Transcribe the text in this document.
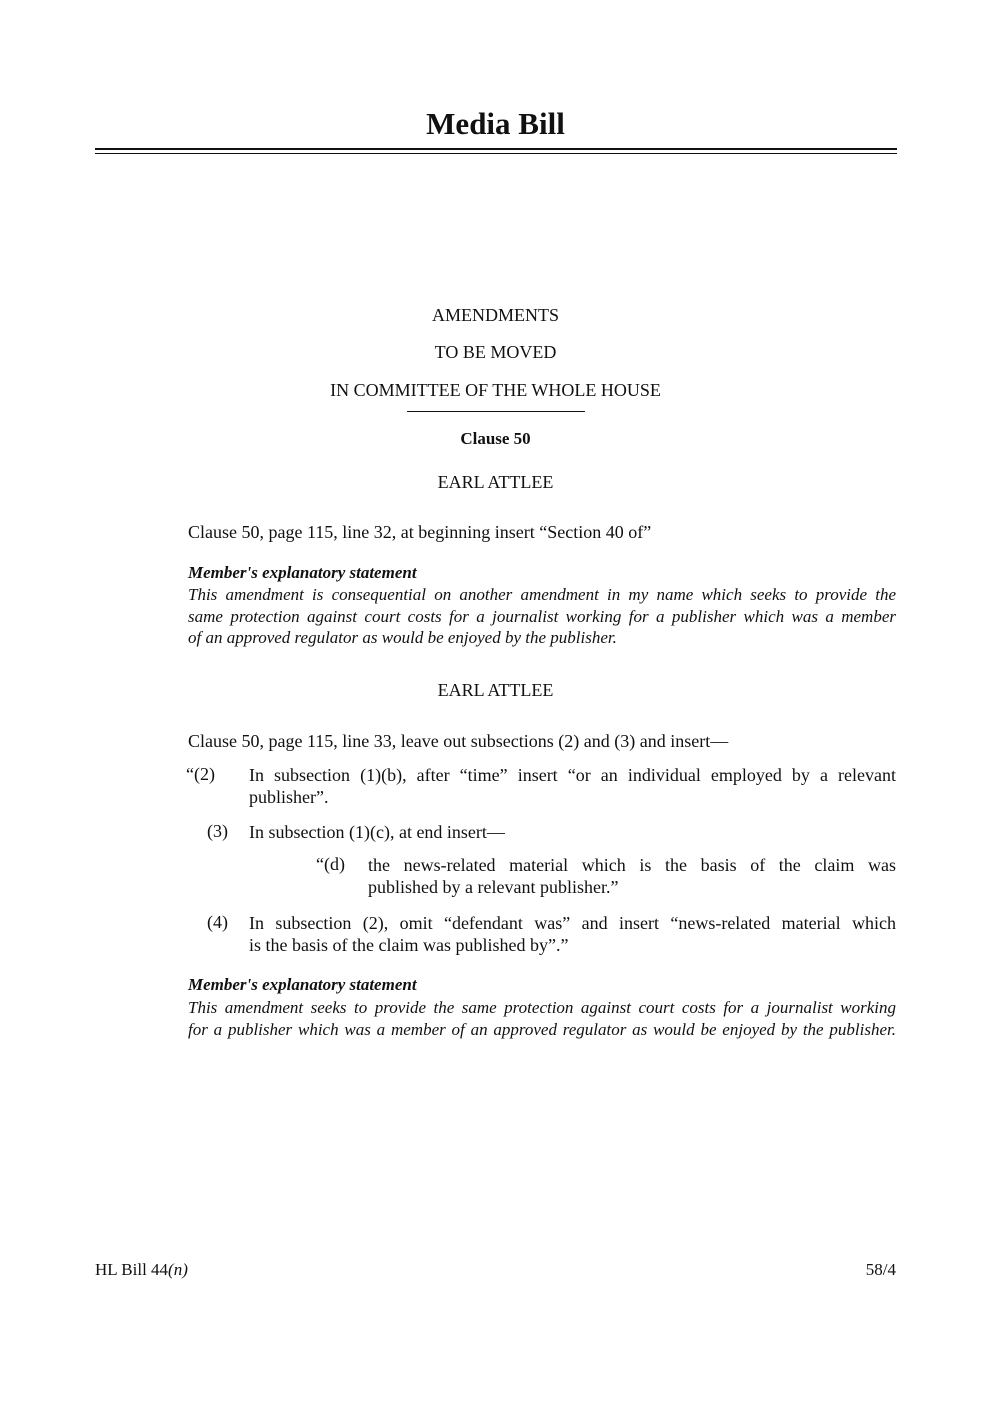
Media Bill
AMENDMENTS
TO BE MOVED
IN COMMITTEE OF THE WHOLE HOUSE
Clause 50
EARL ATTLEE
Clause 50, page 115, line 32, at beginning insert “Section 40 of”
Member's explanatory statement
This amendment is consequential on another amendment in my name which seeks to provide the
same protection against court costs for a journalist working for a publisher which was a member
of an approved regulator as would be enjoyed by the publisher.
EARL ATTLEE
Clause 50, page 115, line 33, leave out subsections (2) and (3) and insert—
“(2) In subsection (1)(b), after “time” insert “or an individual employed by a relevant
publisher”.
(3) In subsection (1)(c), at end insert—
“(d) the news-related material which is the basis of the claim was
published by a relevant publisher.”
(4) In subsection (2), omit “defendant was” and insert “news-related material which
is the basis of the claim was published by”.”
Member's explanatory statement
This amendment seeks to provide the same protection against court costs for a journalist working
for a publisher which was a member of an approved regulator as would be enjoyed by the publisher.
HL Bill 44(n)	58/4
